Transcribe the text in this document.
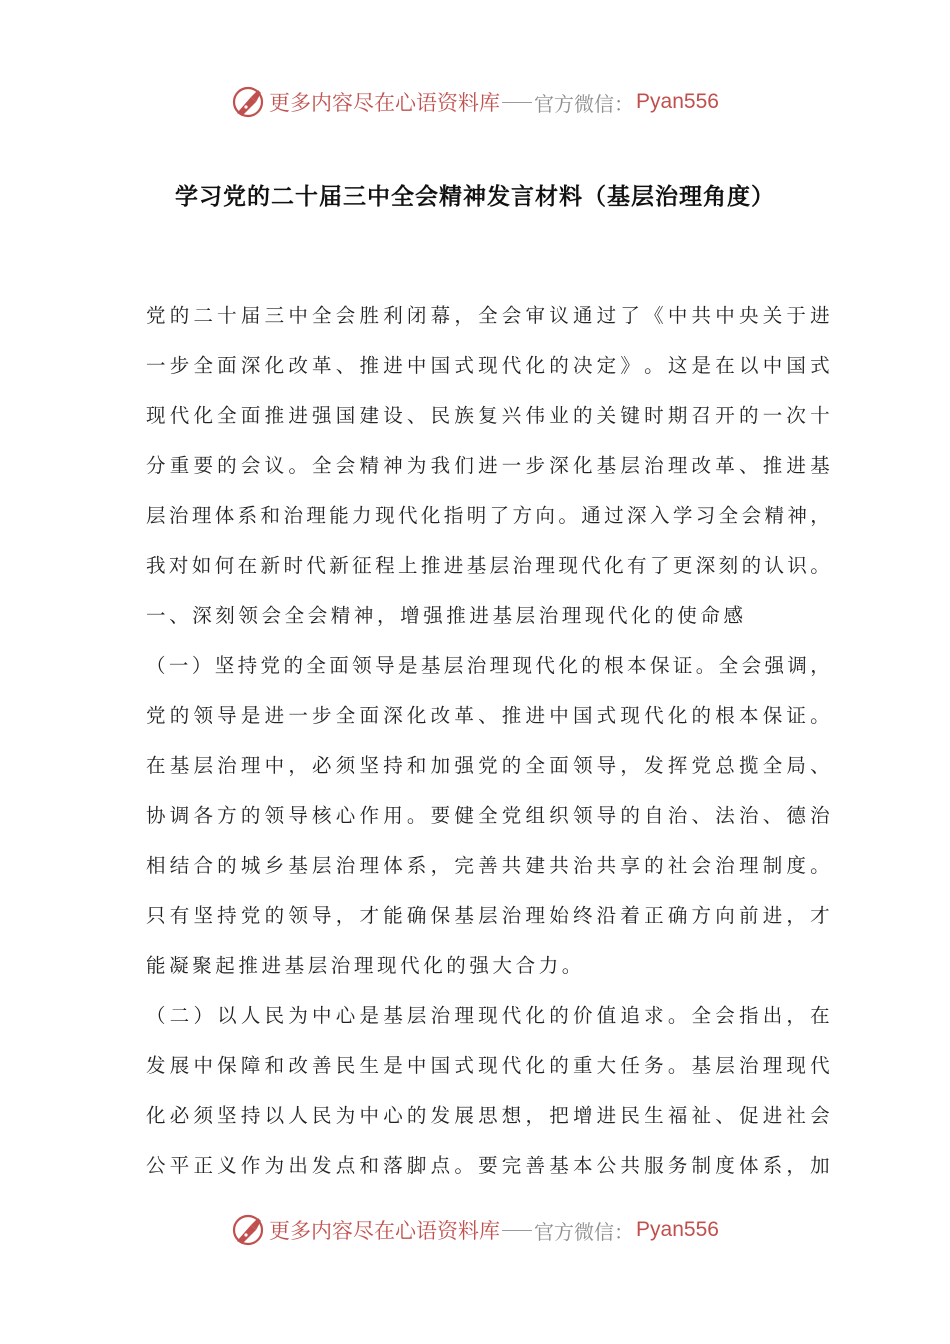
更多内容尽在心语资料库 官方微信： Pyan556
学习党的二十届三中全会精神发言材料（基层治理角度）
党 的 二 十 届 三 中 全 会 胜 利 闭 幕 ， 全 会 审 议 通 过 了 《 中 共 中 央 关 于 进
一 步 全 面 深 化 改 革 、 推 进 中 国 式 现 代 化 的 决 定 》 。 这 是 在 以 中 国 式
现 代 化 全 面 推 进 强 国 建 设 、 民 族 复 兴 伟 业 的 关 键 时 期 召 开 的 一 次 十
分 重 要 的 会 议 。 全 会 精 神 为 我 们 进 一 步 深 化 基 层 治 理 改 革 、 推 进 基
层 治 理 体 系 和 治 理 能 力 现 代 化 指 明 了 方 向 。 通 过 深 入 学 习 全 会 精 神 ，
我 对 如 何 在 新 时 代 新 征 程 上 推 进 基 层 治 理 现 代 化 有 了 更 深 刻 的 认 识 。
一、深刻领会全会精神，增强推进基层治理现代化的使命感
（ 一 ） 坚 持 党 的 全 面 领 导 是 基 层 治 理 现 代 化 的 根 本 保 证 。 全 会 强 调 ，
党 的 领 导 是 进 一 步 全 面 深 化 改 革 、 推 进 中 国 式 现 代 化 的 根 本 保 证 。
在 基 层 治 理 中 ， 必 须 坚 持 和 加 强 党 的 全 面 领 导 ， 发 挥 党 总 揽 全 局 、
协 调 各 方 的 领 导 核 心 作 用 。 要 健 全 党 组 织 领 导 的 自 治 、 法 治 、 德 治
相 结 合 的 城 乡 基 层 治 理 体 系 ， 完 善 共 建 共 治 共 享 的 社 会 治 理 制 度 。
只 有 坚 持 党 的 领 导 ， 才 能 确 保 基 层 治 理 始 终 沿 着 正 确 方 向 前 进 ， 才
能凝聚起推进基层治理现代化的强大合力。
（ 二 ） 以 人 民 为 中 心 是 基 层 治 理 现 代 化 的 价 值 追 求 。 全 会 指 出 ， 在
发 展 中 保 障 和 改 善 民 生 是 中 国 式 现 代 化 的 重 大 任 务 。 基 层 治 理 现 代
化 必 须 坚 持 以 人 民 为 中 心 的 发 展 思 想 ， 把 增 进 民 生 福 祉 、 促 进 社 会
公 平 正 义 作 为 出 发 点 和 落 脚 点 。 要 完 善 基 本 公 共 服 务 制 度 体 系 ， 加
更多内容尽在心语资料库 官方微信： Pyan556
